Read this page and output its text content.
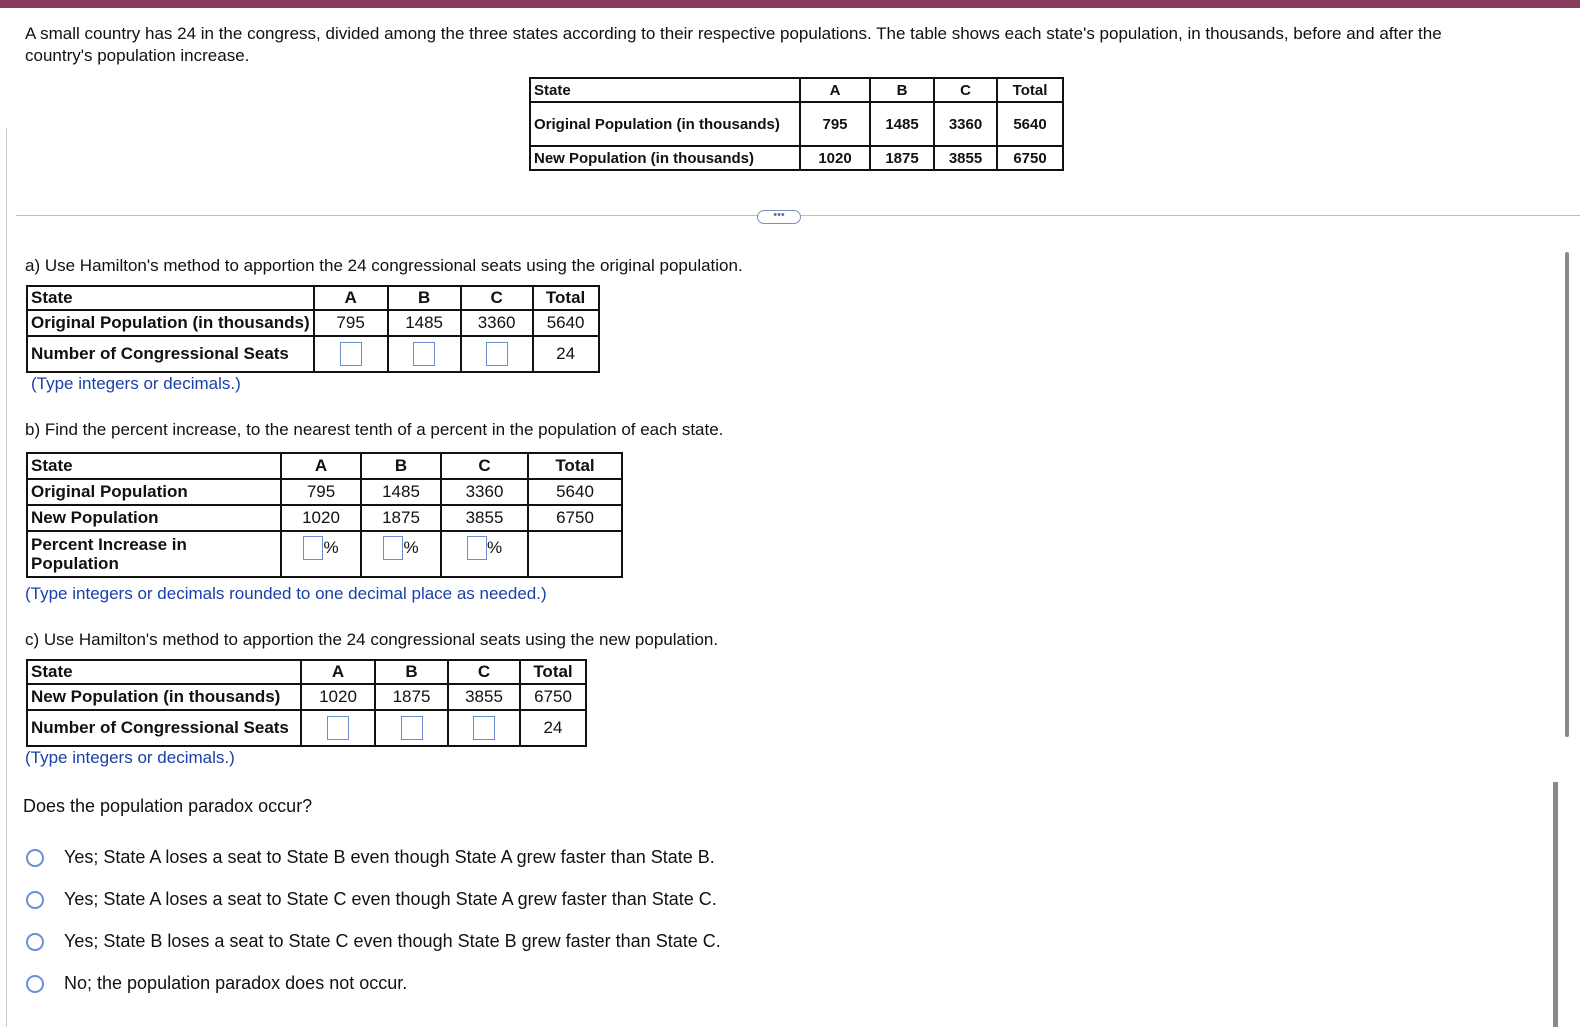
A small country has 24 in the congress, divided among the three states according to their respective populations. The table shows each state's population, in thousands, before and after the country's population increase.
State	A	B	C	Total
Original Population (in thousands)	795	1485	3360	5640
New Population (in thousands)	1020	1875	3855	6750
•••
a) Use Hamilton's method to apportion the 24 congressional seats using the original population.
State	A	B	C	Total
Original Population (in thousands)	795	1485	3360	5640
Number of Congressional Seats				24
(Type integers or decimals.)
b) Find the percent increase, to the nearest tenth of a percent in the population of each state.
State	A	B	C	Total
Original Population	795	1485	3360	5640
New Population	1020	1875	3855	6750
Percent Increase in Population	%	%	%	
(Type integers or decimals rounded to one decimal place as needed.)
c) Use Hamilton's method to apportion the 24 congressional seats using the new population.
State	A	B	C	Total
New Population (in thousands)	1020	1875	3855	6750
Number of Congressional Seats				24
(Type integers or decimals.)
Does the population paradox occur?
Yes; State A loses a seat to State B even though State A grew faster than State B.
Yes; State A loses a seat to State C even though State A grew faster than State C.
Yes; State B loses a seat to State C even though State B grew faster than State C.
No; the population paradox does not occur.
